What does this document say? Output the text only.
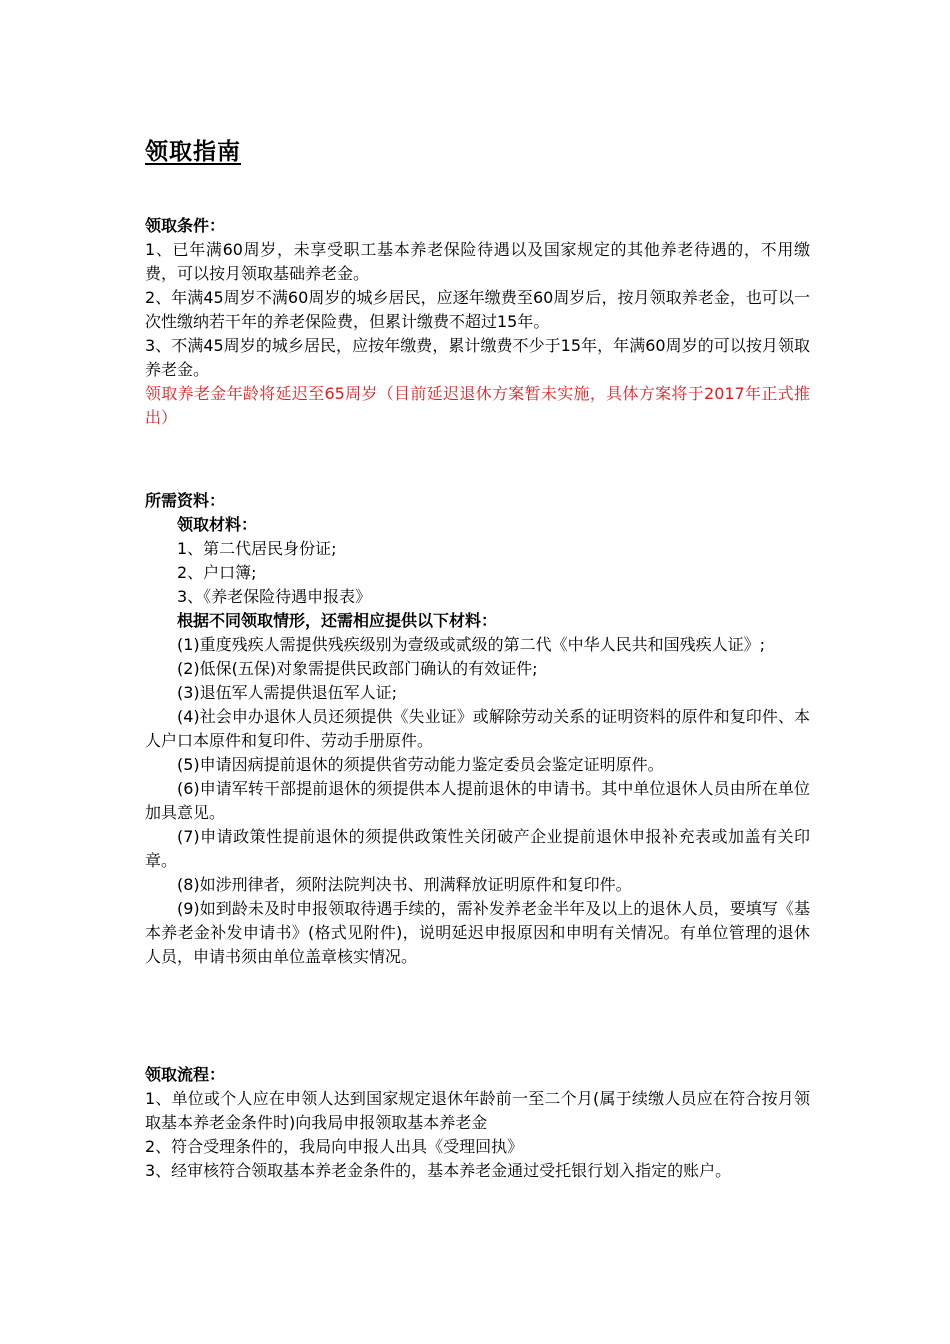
领取指南

领取条件：

1、已年满60周岁，未享受职工基本养老保险待遇以及国家规定的其他养老待遇的，不用缴费，可以按月领取基础养老金。

2、年满45周岁不满60周岁的城乡居民，应逐年缴费至60周岁后，按月领取养老金，也可以一次性缴纳若干年的养老保险费，但累计缴费不超过15年。

3、不满45周岁的城乡居民，应按年缴费，累计缴费不少于15年，年满60周岁的可以按月领取养老金。

领取养老金年龄将延迟至65周岁（目前延迟退休方案暂未实施，具体方案将于2017年正式推出）

所需资料：

领取材料：

1、第二代居民身份证;

2、户口簿;

3、《养老保险待遇申报表》

根据不同领取情形，还需相应提供以下材料：

(1)重度残疾人需提供残疾级别为壹级或贰级的第二代《中华人民共和国残疾人证》;

(2)低保(五保)对象需提供民政部门确认的有效证件;

(3)退伍军人需提供退伍军人证;

(4)社会申办退休人员还须提供《失业证》或解除劳动关系的证明资料的原件和复印件、本人户口本原件和复印件、劳动手册原件。

(5)申请因病提前退休的须提供省劳动能力鉴定委员会鉴定证明原件。

(6)申请军转干部提前退休的须提供本人提前退休的申请书。其中单位退休人员由所在单位加具意见。

(7)申请政策性提前退休的须提供政策性关闭破产企业提前退休申报补充表或加盖有关印章。

(8)如涉刑律者，须附法院判决书、刑满释放证明原件和复印件。

(9)如到龄未及时申报领取待遇手续的，需补发养老金半年及以上的退休人员，要填写《基本养老金补发申请书》(格式见附件)，说明延迟申报原因和申明有关情况。有单位管理的退休人员，申请书须由单位盖章核实情况。

领取流程：

1、单位或个人应在申领人达到国家规定退休年龄前一至二个月(属于续缴人员应在符合按月领取基本养老金条件时)向我局申报领取基本养老金

2、符合受理条件的，我局向申报人出具《受理回执》

3、经审核符合领取基本养老金条件的，基本养老金通过受托银行划入指定的账户。
